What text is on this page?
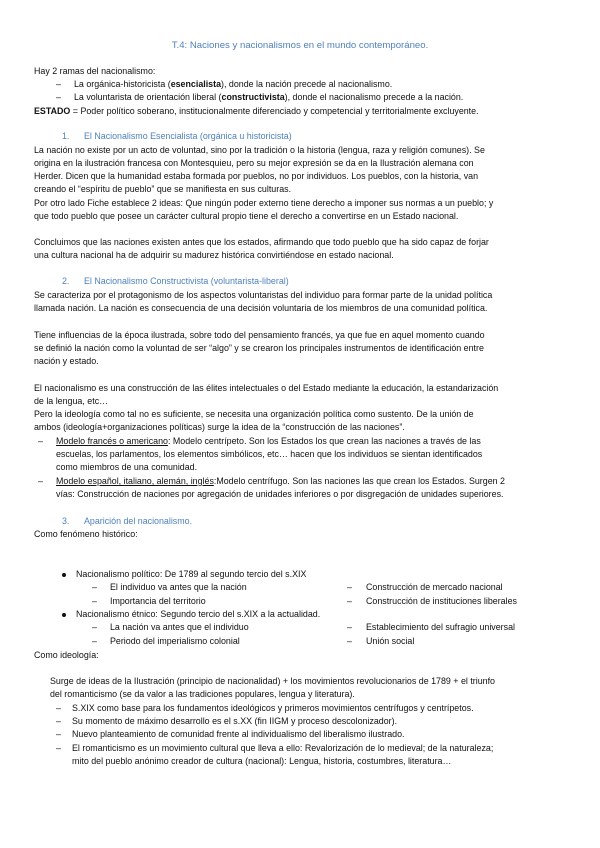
T.4: Naciones y nacionalismos en el mundo contemporáneo.
Hay 2 ramas del nacionalismo:
– La orgánica-historicista (esencialista), donde la nación precede al nacionalismo.
– La voluntarista de orientación liberal (constructivista), donde el nacionalismo precede a la nación.
ESTADO = Poder político soberano, institucionalmente diferenciado y competencial y territorialmente excluyente.
1. El Nacionalismo Esencialista (orgánica u historicista)
La nación no existe por un acto de voluntad, sino por la tradición o la historia (lengua, raza y religión comunes). Se
origina en la ilustración francesa con Montesquieu, pero su mejor expresión se da en la Ilustración alemana con
Herder. Dicen que la humanidad estaba formada por pueblos, no por individuos. Los pueblos, con la historia, van
creando el “espíritu de pueblo” que se manifiesta en sus culturas.
Por otro lado Fiche establece 2 ideas: Que ningún poder externo tiene derecho a imponer sus normas a un pueblo; y
que todo pueblo que posee un carácter cultural propio tiene el derecho a convertirse en un Estado nacional.
Concluimos que las naciones existen antes que los estados, afirmando que todo pueblo que ha sido capaz de forjar
una cultura nacional ha de adquirir su madurez histórica convirtiéndose en estado nacional.
2. El Nacionalismo Constructivista (voluntarista-liberal)
Se caracteriza por el protagonismo de los aspectos voluntaristas del individuo para formar parte de la unidad política
llamada nación. La nación es consecuencia de una decisión voluntaria de los miembros de una comunidad política.
Tiene influencias de la época ilustrada, sobre todo del pensamiento francés, ya que fue en aquel momento cuando
se definió la nación como la voluntad de ser “algo” y se crearon los principales instrumentos de identificación entre
nación y estado.
El nacionalismo es una construcción de las élites intelectuales o del Estado mediante la educación, la estandarización
de la lengua, etc…
Pero la ideología como tal no es suficiente, se necesita una organización política como sustento. De la unión de
ambos (ideología+organizaciones políticas) surge la idea de la “construcción de las naciones”.
– Modelo francés o americano: Modelo centrípeto. Son los Estados los que crean las naciones a través de las
escuelas, los parlamentos, los elementos simbólicos, etc… hacen que los individuos se sientan identificados
como miembros de una comunidad.
– Modelo español, italiano, alemán, inglés:Modelo centrífugo. Son las naciones las que crean los Estados. Surgen 2
vías: Construcción de naciones por agregación de unidades inferiores o por disgregación de unidades superiores.
3. Aparición del nacionalismo.
Como fenómeno histórico:
Nacionalismo político: De 1789 al segundo tercio del s.XIX
– El individuo va antes que la nación	– Construcción de mercado nacional
– Importancia del territorio	– Construcción de instituciones liberales
Nacionalismo étnico: Segundo tercio del s.XIX a la actualidad.
– La nación va antes que el individuo	– Establecimiento del sufragio universal
– Periodo del imperialismo colonial	– Unión social
Como ideología:
Surge de ideas de la Ilustración (principio de nacionalidad) + los movimientos revolucionarios de 1789 + el triunfo
del romanticismo (se da valor a las tradiciones populares, lengua y literatura).
– S.XIX como base para los fundamentos ideológicos y primeros movimientos centrífugos y centrípetos.
– Su momento de máximo desarrollo es el s.XX (fin IIGM y proceso descolonizador).
– Nuevo planteamiento de comunidad frente al individualismo del liberalismo ilustrado.
– El romanticismo es un movimiento cultural que lleva a ello: Revalorización de lo medieval; de la naturaleza;
mito del pueblo anónimo creador de cultura (nacional): Lengua, historia, costumbres, literatura…
